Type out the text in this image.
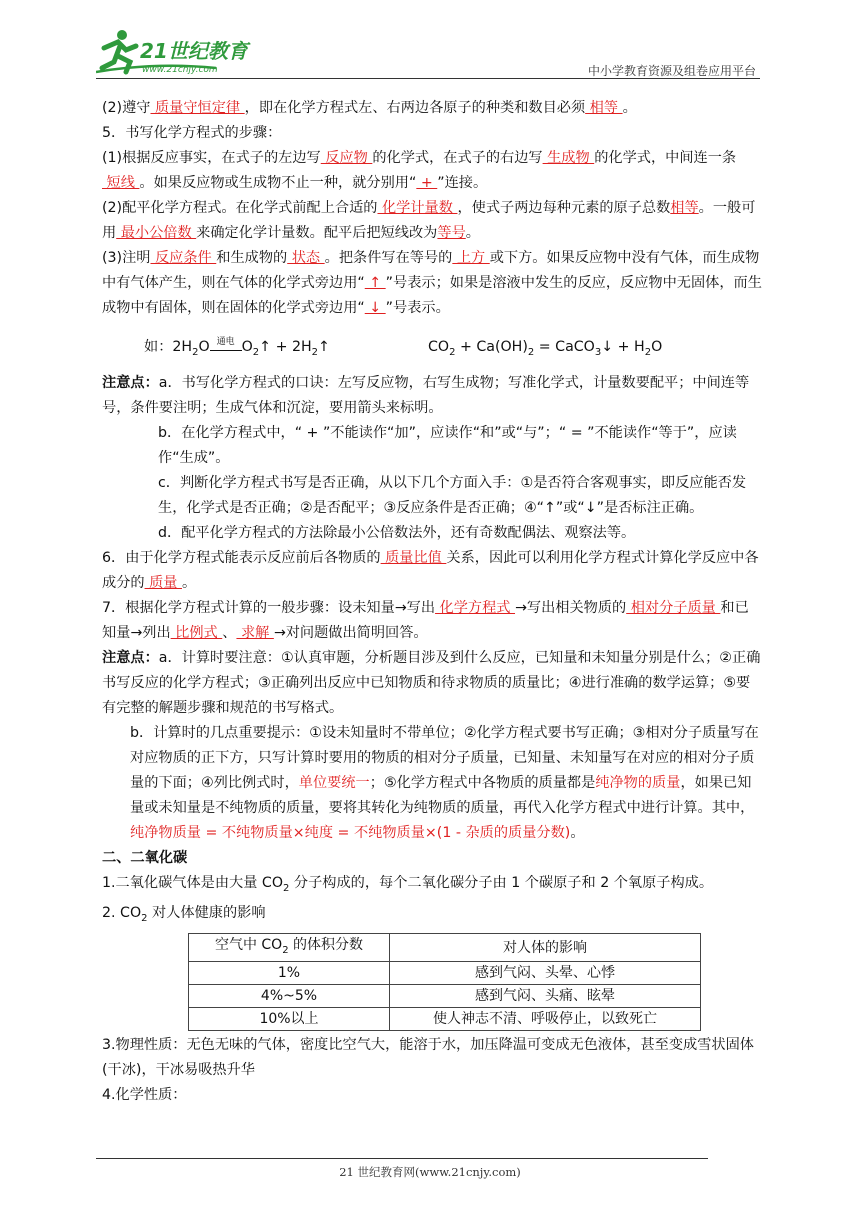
21世纪教育
www.21cnjy.com	中小学教育资源及组卷应用平台

(2)遵守 质量守恒定律 ，即在化学方程式左、右两边各原子的种类和数目必须 相等 。

5．书写化学方程式的步骤：

(1)根据反应事实，在式子的左边写 反应物 的化学式，在式子的右边写 生成物 的化学式，中间连一条 短线 。如果反应物或生成物不止一种，就分别用“ + ”连接。

(2)配平化学方程式。在化学式前配上合适的 化学计量数 ，使式子两边每种元素的原子总数相等。一般可用 最小公倍数 来确定化学计量数。配平后把短线改为等号。

(3)注明 反应条件 和生成物的 状态 。把条件写在等号的 上方 或下方。如果反应物中没有气体，而生成物中有气体产生，则在气体的化学式旁边用“ ↑ ”号表示；如果是溶液中发生的反应，反应物中无固体，而生成物中有固体，则在固体的化学式旁边用“ ↓ ”号表示。

如：$2H_2O$ 通电 $O_2↑$ + $2H_2↑$	$CO_2 + Ca(OH)_2$ = CaCO$_3$↓ + $H_2O$

注意点：a．书写化学方程式的口诀：左写反应物，右写生成物；写准化学式，计量数要配平；中间连等号，条件要注明；生成气体和沉淀，要用箭头来标明。

b．在化学方程式中，“ + ”不能读作“加”，应读作“和”或“与”；“ = ”不能读作“等于”，应读作“生成”。

c．判断化学方程式书写是否正确，从以下几个方面入手：①是否符合客观事实，即反应能否发生，化学式是否正确；②是否配平；③反应条件是否正确；④“↑”或“↓”是否标注正确。

d．配平化学方程式的方法除最小公倍数法外，还有奇数配偶法、观察法等。

6．由于化学方程式能表示反应前后各物质的 质量比值 关系，因此可以利用化学方程式计算化学反应中各成分的 质量 。

7．根据化学方程式计算的一般步骤：设未知量→写出 化学方程式 →写出相关物质的 相对分子质量 和已知量→列出 比例式 、 求解 →对问题做出简明回答。

注意点：a．计算时要注意：①认真审题，分析题目涉及到什么反应，已知量和未知量分别是什么；②正确书写反应的化学方程式；③正确列出反应中已知物质和待求物质的质量比；④进行准确的数学运算；⑤要有完整的解题步骤和规范的书写格式。

b．计算时的几点重要提示：①设未知量时不带单位；②化学方程式要书写正确；③相对分子质量写在对应物质的正下方，只写计算时要用的物质的相对分子质量，已知量、未知量写在对应的相对分子质量的下面；④列比例式时，单位要统一；⑤化学方程式中各物质的质量都是纯净物的质量，如果已知量或未知量是不纯物质的质量，要将其转化为纯物质的质量，再代入化学方程式中进行计算。其中，纯净物质量 = 不纯物质量×纯度 = 不纯物质量×(1 - 杂质的质量分数)。

二、二氧化碳

1.二氧化碳气体是由大量 $CO_2$ 分子构成的，每个二氧化碳分子由 1 个碳原子和 2 个氧原子构成。

2. $CO_2$ 对人体健康的影响

空气中 $CO_2$ 的体积分数	对人体的影响
1%	感到气闷、头晕、心悸
4%~5%	感到气闷、头痛、眩晕
10%以上	使人神志不清、呼吸停止，以致死亡

3.物理性质：无色无味的气体，密度比空气大，能溶于水，加压降温可变成无色液体，甚至变成雪状固体(干冰)，干冰易吸热升华

4.化学性质：

21 世纪教育网(www.21cnjy.com)
